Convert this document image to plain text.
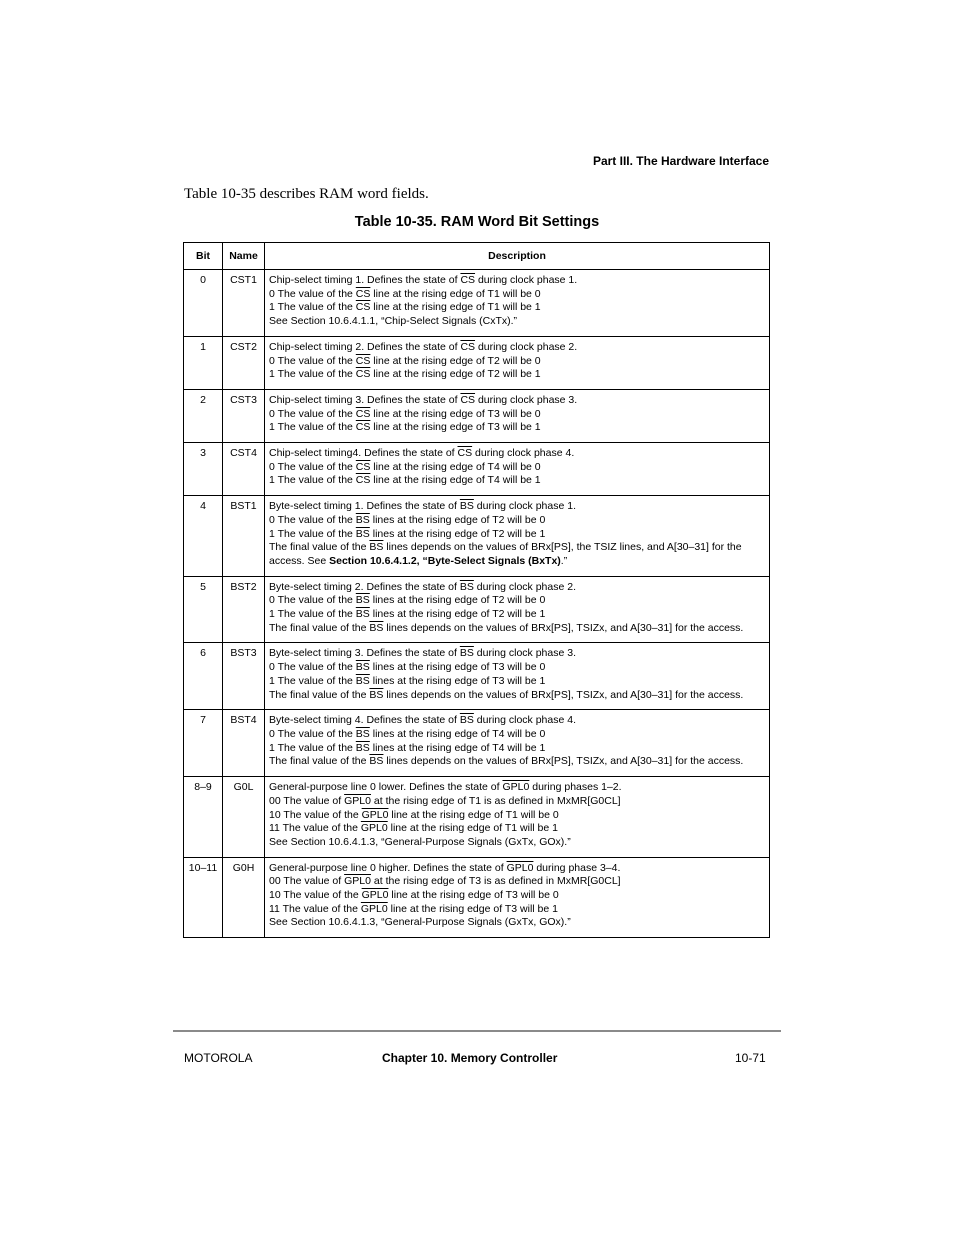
Part III. The Hardware Interface
Table 10-35 describes RAM word fields.
Table 10-35. RAM Word Bit Settings
Bit	Name	Description
0	CST1	Chip-select timing 1. Defines the state of $\overline{CS}$ during clock phase 1.
0 The value of the $\overline{CS}$ line at the rising edge of T1 will be 0
1 The value of the $\overline{CS}$ line at the rising edge of T1 will be 1
See Section 10.6.4.1.1, “Chip-Select Signals (CxTx).”

1	CST2	Chip-select timing 2. Defines the state of $\overline{CS}$ during clock phase 2.
0 The value of the $\overline{CS}$ line at the rising edge of T2 will be 0
1 The value of the $\overline{CS}$ line at the rising edge of T2 will be 1

2	CST3	Chip-select timing 3. Defines the state of $\overline{CS}$ during clock phase 3.
0 The value of the $\overline{CS}$ line at the rising edge of T3 will be 0
1 The value of the $\overline{CS}$ line at the rising edge of T3 will be 1

3	CST4	Chip-select timing4. Defines the state of $\overline{CS}$ during clock phase 4.
0 The value of the $\overline{CS}$ line at the rising edge of T4 will be 0
1 The value of the $\overline{CS}$ line at the rising edge of T4 will be 1

4	BST1	Byte-select timing 1. Defines the state of $\overline{BS}$ during clock phase 1.
0 The value of the $\overline{BS}$ lines at the rising edge of T2 will be 0
1 The value of the $\overline{BS}$ lines at the rising edge of T2 will be 1
The final value of the $\overline{BS}$ lines depends on the values of BRx[PS], the TSIZ lines, and A[30–31] for the access. See Section 10.6.4.1.2, “Byte-Select Signals (BxTx).”

5	BST2	Byte-select timing 2. Defines the state of $\overline{BS}$ during clock phase 2.
0 The value of the $\overline{BS}$ lines at the rising edge of T2 will be 0
1 The value of the $\overline{BS}$ lines at the rising edge of T2 will be 1
The final value of the $\overline{BS}$ lines depends on the values of BRx[PS], TSIZx, and A[30–31] for the access.

6	BST3	Byte-select timing 3. Defines the state of $\overline{BS}$ during clock phase 3.
0 The value of the $\overline{BS}$ lines at the rising edge of T3 will be 0
1 The value of the $\overline{BS}$ lines at the rising edge of T3 will be 1
The final value of the $\overline{BS}$ lines depends on the values of BRx[PS], TSIZx, and A[30–31] for the access.

7	BST4	Byte-select timing 4. Defines the state of $\overline{BS}$ during clock phase 4.
0 The value of the $\overline{BS}$ lines at the rising edge of T4 will be 0
1 The value of the $\overline{BS}$ lines at the rising edge of T4 will be 1
The final value of the $\overline{BS}$ lines depends on the values of BRx[PS], TSIZx, and A[30–31] for the access.

8–9	G0L	General-purpose line 0 lower. Defines the state of GPL0 during phases 1–2.
00 The value of GPL0 at the rising edge of T1 is as defined in MxMR[G0CL]
10 The value of the GPL0 line at the rising edge of T1 will be 0
11 The value of the GPL0 line at the rising edge of T1 will be 1
See Section 10.6.4.1.3, “General-Purpose Signals (GxTx, GOx).”

10–11	G0H	General-purpose line 0 higher. Defines the state of GPL0 during phase 3–4.
00 The value of GPL0 at the rising edge of T3 is as defined in MxMR[G0CL]
10 The value of the GPL0 line at the rising edge of T3 will be 0
11 The value of the GPL0 line at the rising edge of T3 will be 1
See Section 10.6.4.1.3, “General-Purpose Signals (GxTx, GOx).”
MOTOROLA	Chapter 10. Memory Controller	10-71
